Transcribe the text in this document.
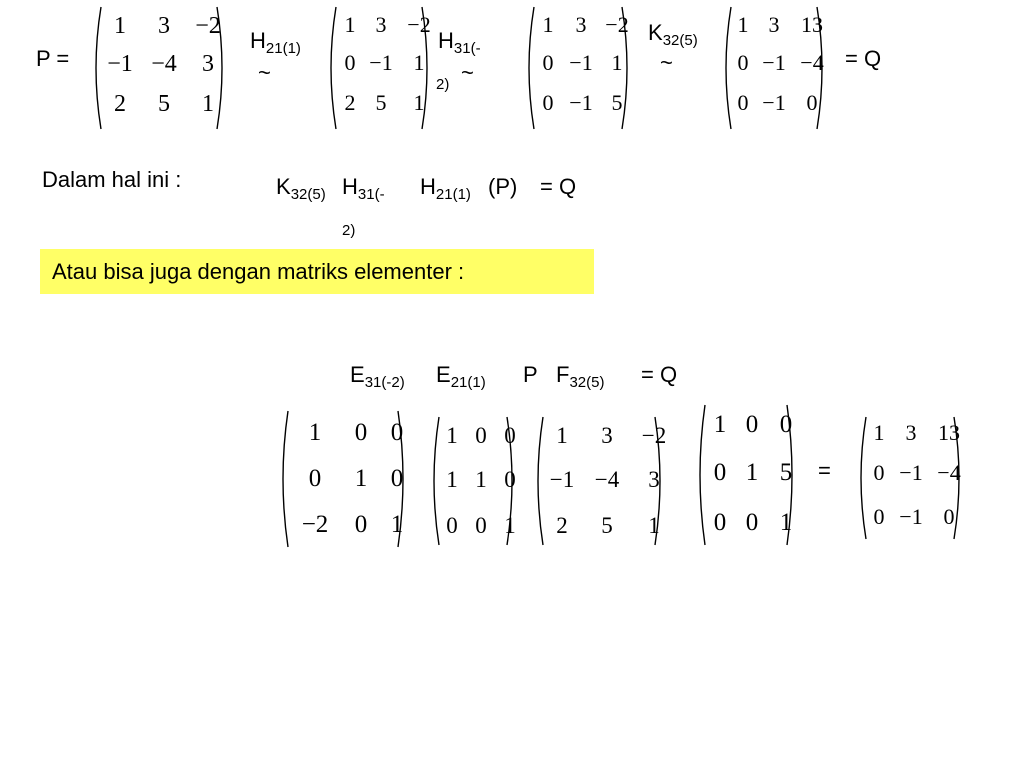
P =
1	3	−2
−1 −4	3
2	5	1
$H_{21(1)}$
~
1 3 −2
0 −1 1
2 5	1
$H_{31(-}$
2) ~
1	3 −2
0 −1 1
0 −1 5
$K_{32(5)}$
~
1 3 13
0 −1 −4
0 −1 0
= Q
Dalam hal ini :	$K_{32(5)}$ $H_{31(-}$
2)
$H_{21(1)}$ (P) = Q
Atau bisa juga dengan matriks elementer :
$E_{31(-2)}$ $E_{21(1)}$ P $F_{32(5)} = Q$
1	0 0
0	1 0
−2	0 1
1 0 0
1 1 0
0 0 1
1	3	−2
−1 −4	3
2	5	1
1 0 0
0 1 5
0 0 1
=
1 3 13
0 −1 −4
0 −1 0
